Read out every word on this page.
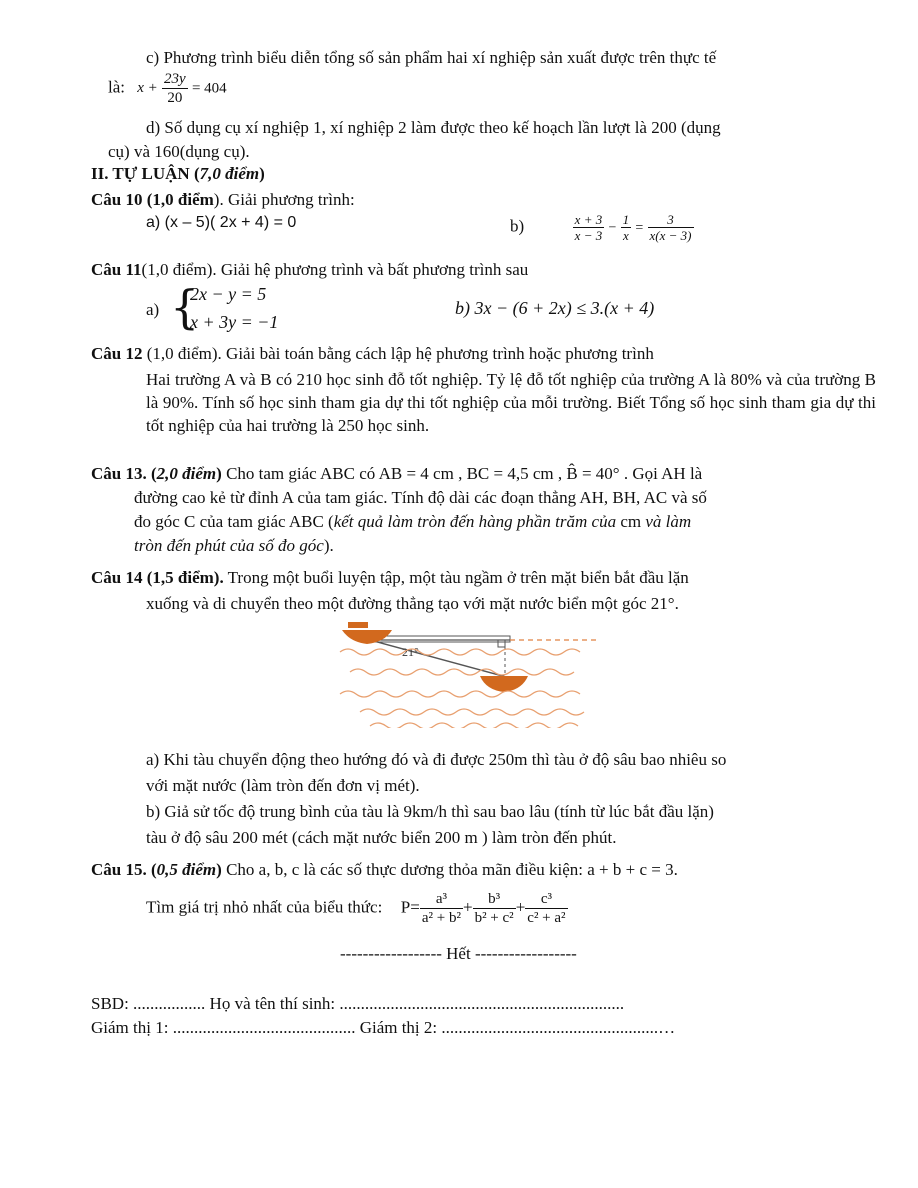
c) Phương trình biểu diễn tổng số sản phẩm hai xí nghiệp sản xuất được trên thực tế
là: $x + \frac{23y}{20} = 404$
d) Số dụng cụ xí nghiệp 1, xí nghiệp 2 làm được theo kế hoạch lần lượt là 200 (dụng
cụ) và 160(dụng cụ).
II. TỰ LUẬN (7,0 điểm)
Câu 10 (1,0 điểm). Giải phương trình:
a) (x – 5)( 2x + 4) = 0	b)	$\frac{x + 3}{x - 3} - \frac{1}{x} = \frac{3}{x(x - 3)}$
Câu 11(1,0 điểm). Giải hệ phương trình và bất phương trình sau
a) {
2x − y = 5
x + 3y = −1
b) 3x − (6 + 2x) ≤ 3.(x + 4)
Câu 12 (1,0 điểm). Giải bài toán bằng cách lập hệ phương trình hoặc phương trình
Hai trường A và B có 210 học sinh đỗ tốt nghiệp. Tỷ lệ đỗ tốt nghiệp của trường A là 80% và của trường B là 90%. Tính số học sinh tham gia dự thi tốt nghiệp của mỗi trường. Biết Tổng số học sinh tham gia dự thi tốt nghiệp của hai trường là 250 học sinh.
Câu 13. (2,0 điểm) Cho tam giác ABC có AB = 4 cm , BC = 4,5 cm , B̂ = 40° . Gọi AH là
đường cao kẻ từ đỉnh A của tam giác. Tính độ dài các đoạn thẳng AH, BH, AC và số
đo góc C của tam giác ABC (kết quả làm tròn đến hàng phần trăm của cm và làm
tròn đến phút của số đo góc).
Câu 14 (1,5 điểm). Trong một buổi luyện tập, một tàu ngầm ở trên mặt biển bắt đầu lặn
xuống và di chuyển theo một đường thẳng tạo với mặt nước biển một góc 21°.
21°
a) Khi tàu chuyển động theo hướng đó và đi được 250m thì tàu ở độ sâu bao nhiêu so
với mặt nước (làm tròn đến đơn vị mét).
b) Giả sử tốc độ trung bình của tàu là 9km/h thì sau bao lâu (tính từ lúc bắt đầu lặn)
tàu ở độ sâu 200 mét (cách mặt nước biển 200 m ) làm tròn đến phút.
Câu 15. (0,5 điểm) Cho a, b, c là các số thực dương thỏa mãn điều kiện: a + b + c = 3.
Tìm giá trị nhỏ nhất của biểu thức: $P= \frac{\text{a³}}{\text{a² + b²}} + \frac{\text{b³}}{\text{b² + c²}} + \frac{\text{c³}}{\text{c² + a²}}$
------------------ Hết ------------------
SBD: ................. Họ và tên thí sinh: ...................................................................
Giám thị 1: ........................................... Giám thị 2: ...................................................…
